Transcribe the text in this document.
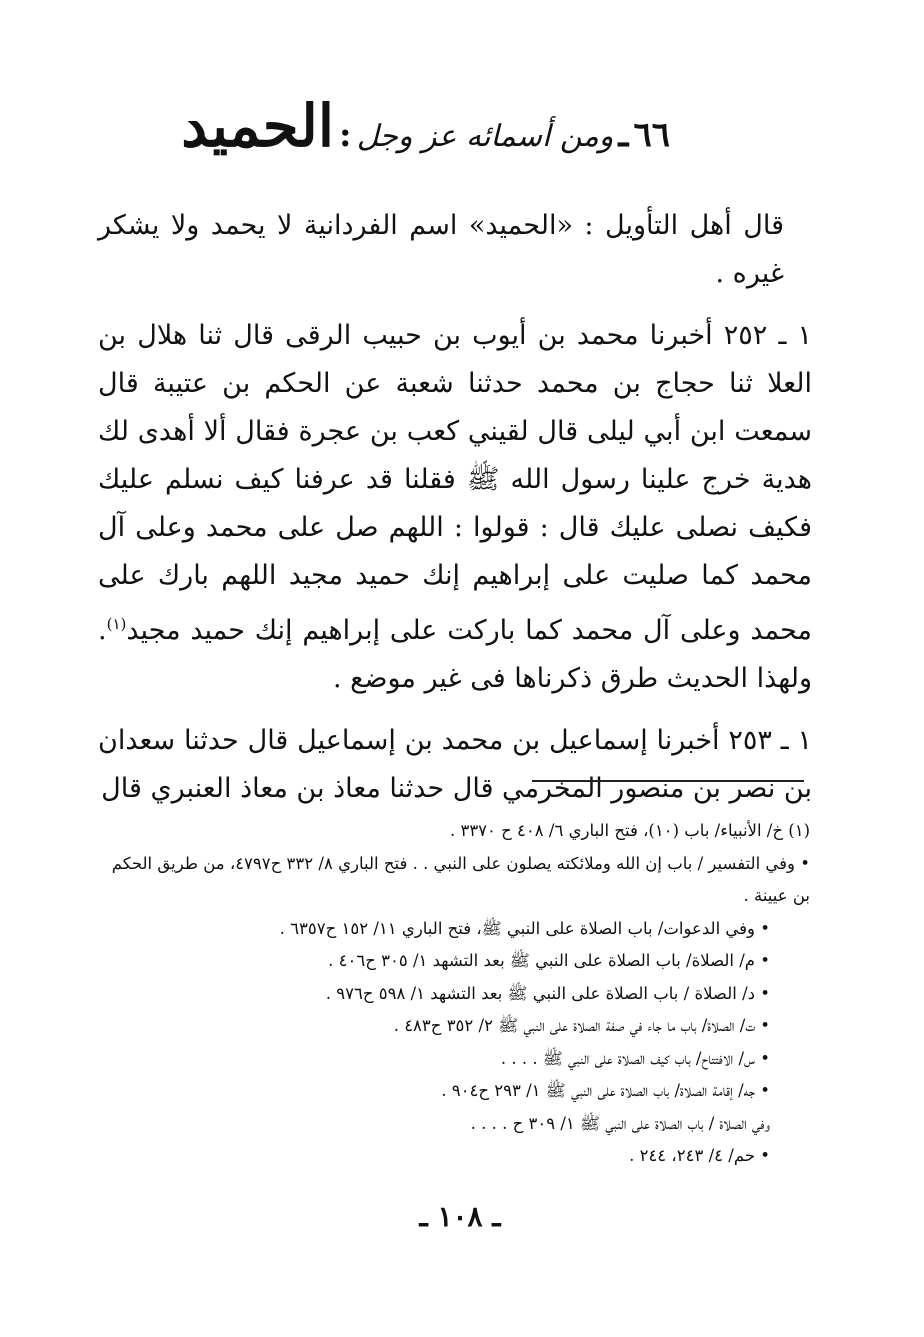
٦٦ ـ ومن أسمائه عز وجل : الحميد

قال أهل التأويل : «الحميد» اسم الفردانية لا يحمد ولا يشكر غيره .

١ ـ ٢٥٢ أخبرنا محمد بن أيوب بن حبيب الرقى قال ثنا هلال بن العلا ثنا حجاج بن محمد حدثنا شعبة عن الحكم بن عتيبة قال سمعت ابن أبي ليلى قال لقيني كعب بن عجرة فقال ألا أهدى لك هدية خرج علينا رسول الله ﷺ فقلنا قد عرفنا كيف نسلم عليك فكيف نصلى عليك قال : قولوا : اللهم صل على محمد وعلى آل محمد كما صليت على إبراهيم إنك حميد مجيد اللهم بارك على محمد وعلى آل محمد كما باركت على إبراهيم إنك حميد مجيد$^{(١)}$. ولهذا الحديث طرق ذكرناها فى غير موضع .

١ ـ ٢٥٣ أخبرنا إسماعيل بن محمد بن إسماعيل قال حدثنا سعدان بن نصر بن منصور المخرمي قال حدثنا معاذ بن معاذ العنبري قال

(١) خ/ الأنبياء/ باب (١٠)، فتح الباري ٦/ ٤٠٨ ح ٣٣٧٠ .
• وفي التفسير / باب إن الله وملائكته يصلون على النبي . . فتح الباري ٨/ ٣٣٢ ح٤٧٩٧، من طريق الحكم بن عيينة .
• وفي الدعوات/ باب الصلاة على النبي ﷺ، فتح الباري ١١/ ١٥٢ ح٦٣٥٧ .
• م/ الصلاة/ باب الصلاة على النبي ﷺ بعد التشهد ١/ ٣٠٥ ح٤٠٦ .
• د/ الصلاة / باب الصلاة على النبي ﷺ بعد التشهد ١/ ٥٩٨ ح٩٧٦ .
• ت/ الصلاة/ باب ما جاء في صفة الصلاة على النبي ﷺ ٢/ ٣٥٢ ح٤٨٣ .
• س/ الافتتاح/ باب كيف الصلاة على النبي ﷺ . . . .
• جه/ إقامة الصلاة/ باب الصلاة على النبي ﷺ ١/ ٢٩٣ ح٩٠٤ .
وفي الصلاة / باب الصلاة على النبي ﷺ ١/ ٣٠٩ ح . . . .
• حم/ ٤/ ٢٤٣، ٢٤٤ .
ـ ١٠٨ ـ
